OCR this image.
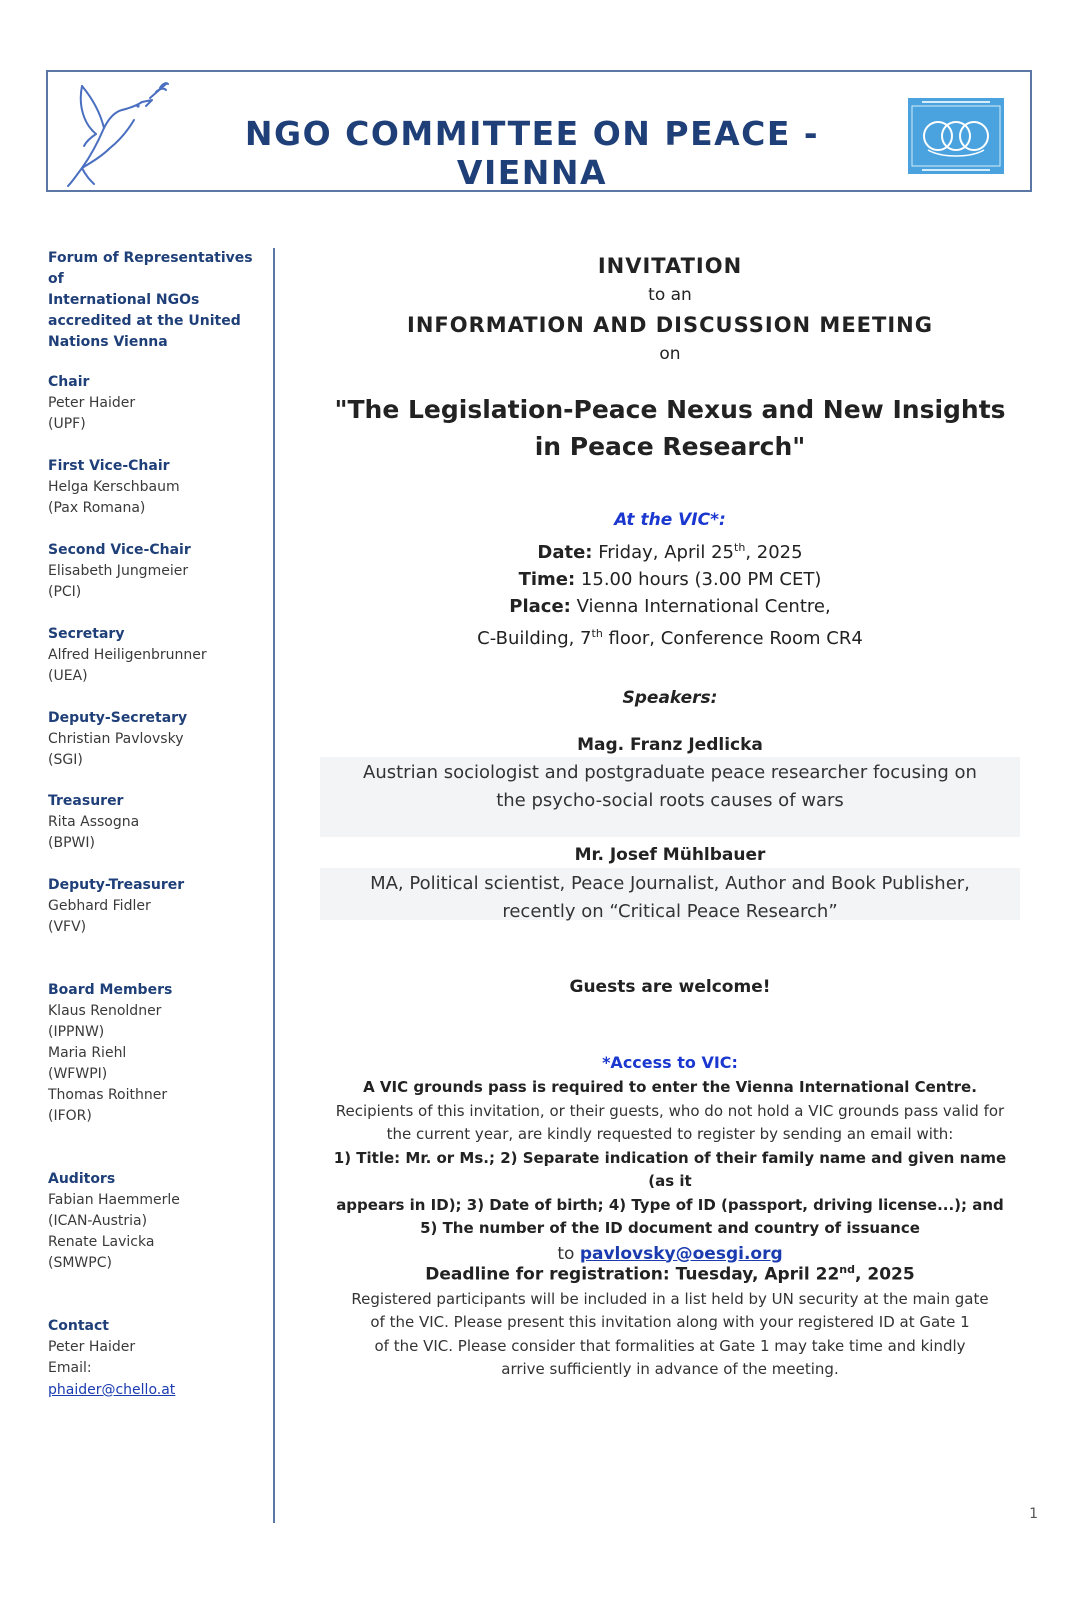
NGO COMMITTEE ON PEACE - VIENNA
Forum of Representatives of
International NGOs
accredited at the United
Nations Vienna
Chair
Peter Haider
(UPF)
First Vice-Chair
Helga Kerschbaum
(Pax Romana)
Second Vice-Chair
Elisabeth Jungmeier
(PCI)
Secretary
Alfred Heiligenbrunner
(UEA)
Deputy-Secretary
Christian Pavlovsky
(SGI)
Treasurer
Rita Assogna
(BPWI)
Deputy-Treasurer
Gebhard Fidler
(VFV)
Board Members
Klaus Renoldner
(IPPNW)
Maria Riehl
(WFWPI)
Thomas Roithner
(IFOR)
Auditors
Fabian Haemmerle
(ICAN-Austria)
Renate Lavicka
(SMWPC)
Contact
Peter Haider
Email:
phaider@chello.at
INVITATION
to an
INFORMATION AND DISCUSSION MEETING
on
"The Legislation-Peace Nexus and New Insights
in Peace Research"
At the VIC*:
Date: Friday, April 25th, 2025
Time: 15.00 hours (3.00 PM CET)
Place: Vienna International Centre,
C-Building, 7th floor, Conference Room CR4
Speakers:
Mag. Franz Jedlicka
Austrian sociologist and postgraduate peace researcher focusing on
the psycho-social roots causes of wars
Mr. Josef Mühlbauer
MA, Political scientist, Peace Journalist, Author and Book Publisher,
recently on “Critical Peace Research”
Guests are welcome!
*Access to VIC:
A VIC grounds pass is required to enter the Vienna International Centre.
Recipients of this invitation, or their guests, who do not hold a VIC grounds pass valid for
the current year, are kindly requested to register by sending an email with:
1) Title: Mr. or Ms.; 2) Separate indication of their family name and given name (as it
appears in ID); 3) Date of birth; 4) Type of ID (passport, driving license...); and
5) The number of the ID document and country of issuance
to pavlovsky@oesgi.org
Deadline for registration: Tuesday, April 22nd, 2025
Registered participants will be included in a list held by UN security at the main gate
of the VIC. Please present this invitation along with your registered ID at Gate 1
of the VIC. Please consider that formalities at Gate 1 may take time and kindly
arrive sufficiently in advance of the meeting.
1
